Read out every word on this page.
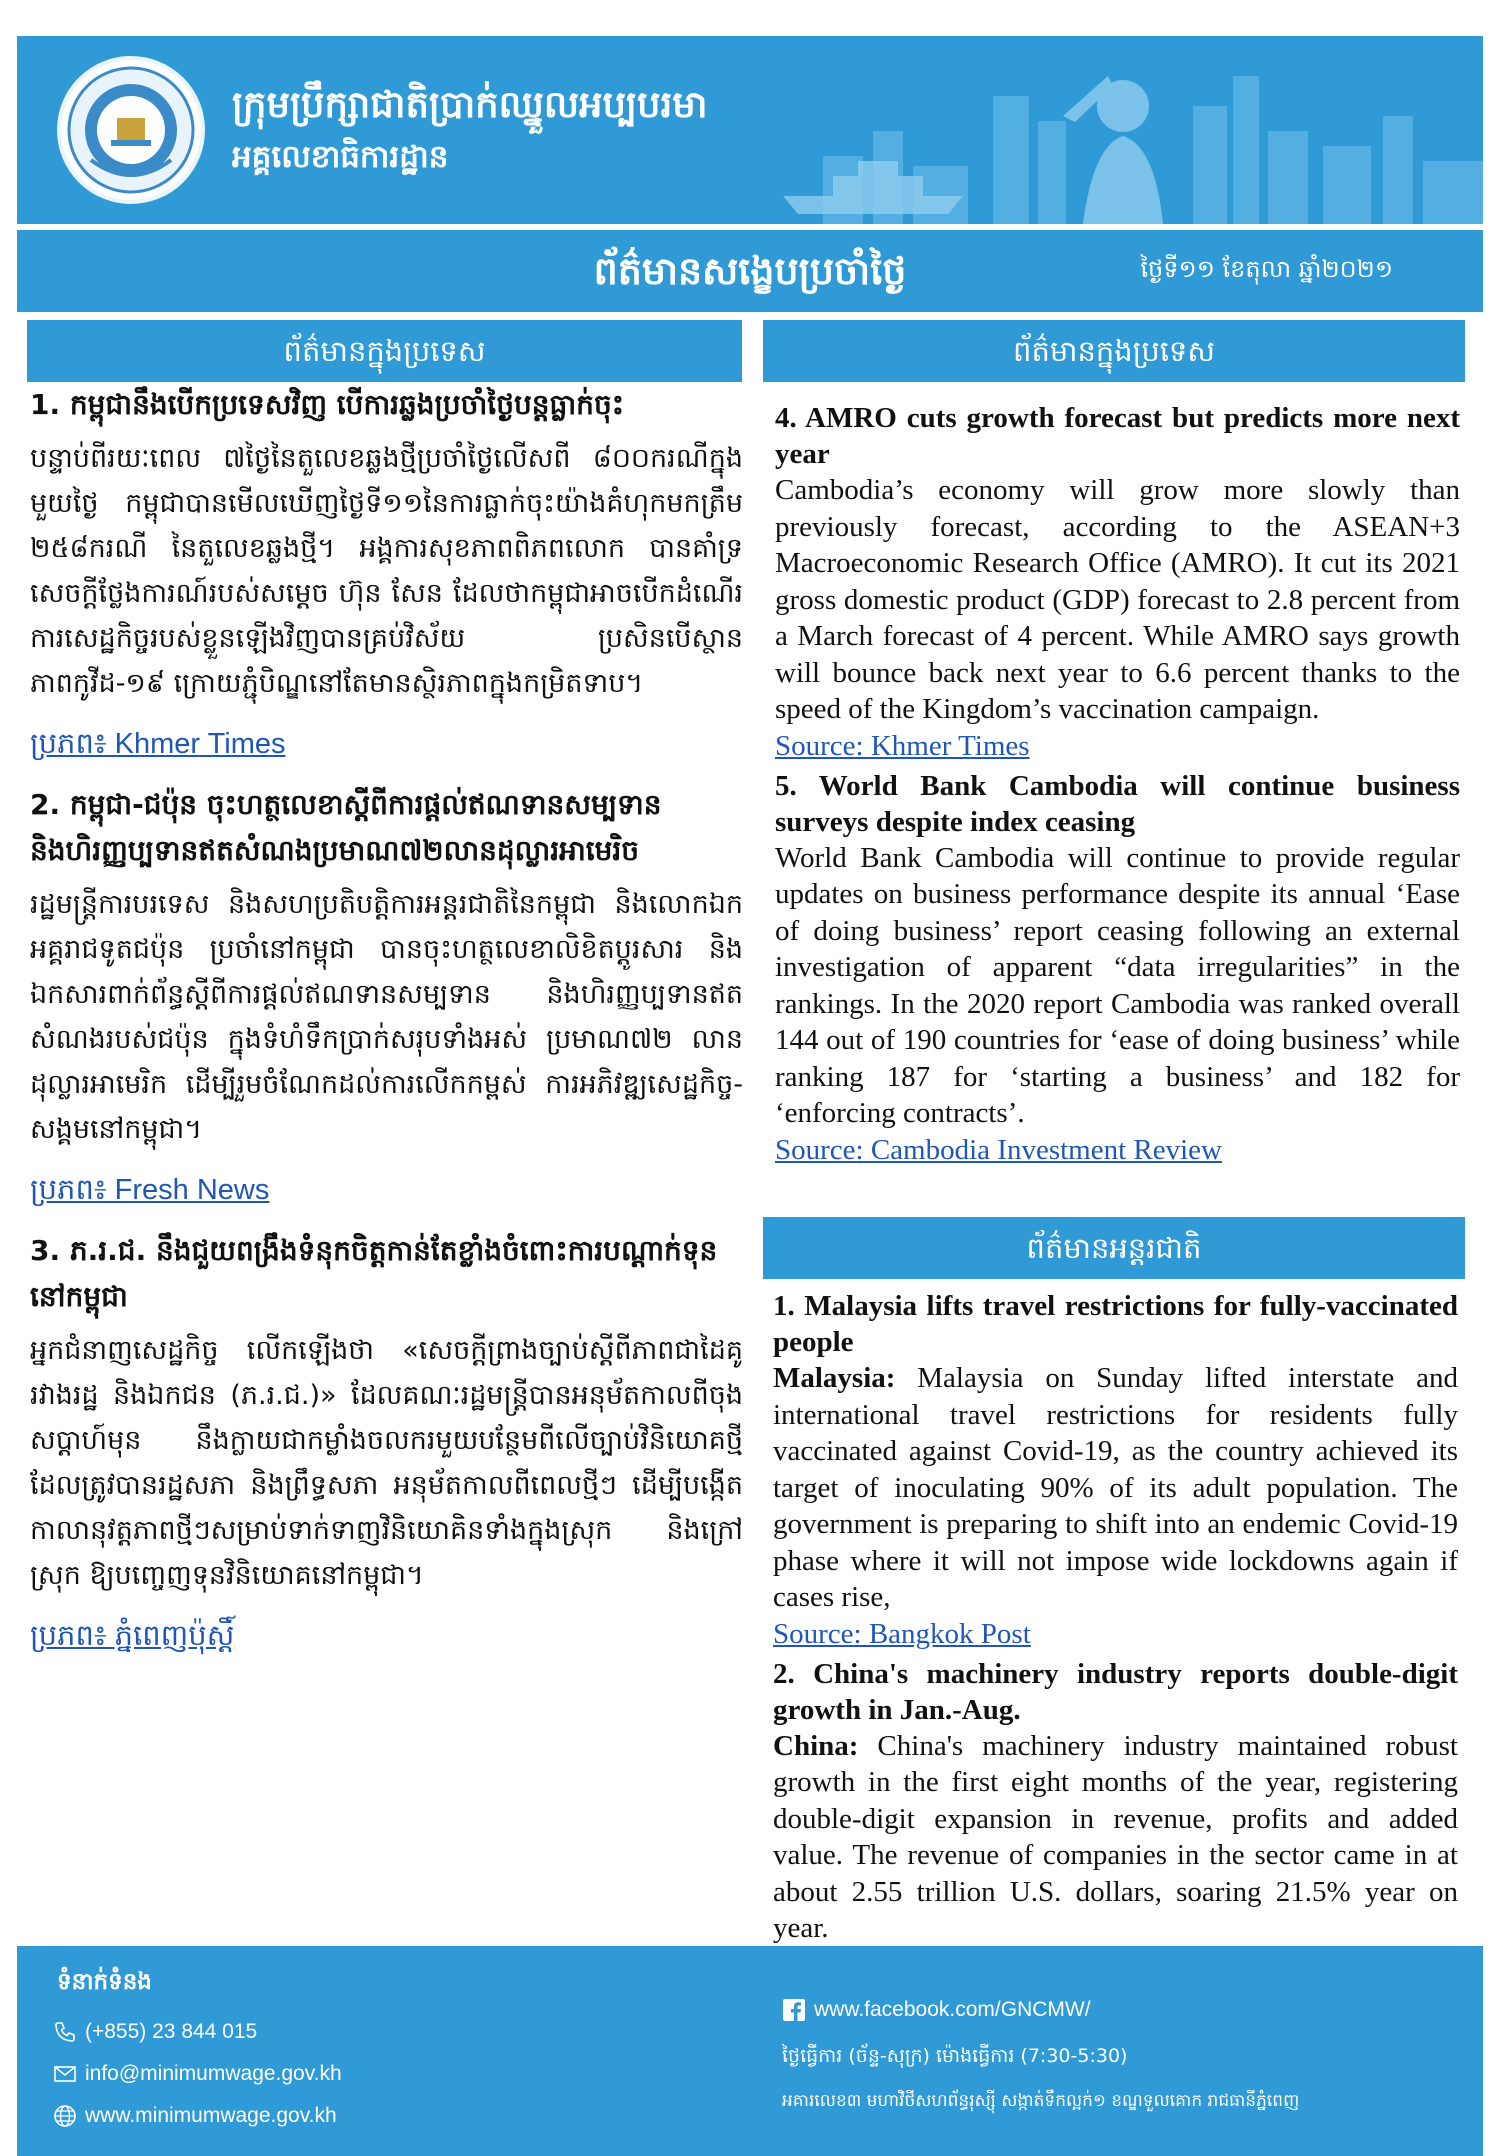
ក្រុមប្រឹក្សាជាតិប្រាក់ឈ្នួលអប្បបរមា
អគ្គលេខាធិការដ្ឋាន
ព័ត៌មានសង្ខេបប្រចាំថ្ងៃ	ថ្ងៃទី១១ ខែតុលា ឆ្នាំ២០២១
ព័ត៌មានក្នុងប្រទេស	ព័ត៌មានក្នុងប្រទេស
ព័ត៌មានអន្តរជាតិ
1. កម្ពុជានឹងបើកប្រទេសវិញ បើការឆ្លងប្រចាំថ្ងៃបន្តធ្លាក់ចុះ

បន្ទាប់ពីរយៈពេល ៧ថ្ងៃនៃតួលេខឆ្លងថ្មីប្រចាំថ្ងៃលើសពី ៨០០ករណីក្នុងមួយថ្ងៃ កម្ពុជាបានមើលឃើញថ្ងៃទី១១នៃការធ្លាក់ចុះយ៉ាងគំហុកមកត្រឹម ២៥៨ករណី នៃតួលេខឆ្លងថ្មី។ អង្គការសុខភាពពិភពលោក បានគាំទ្រសេចក្តីថ្លែងការណ៍របស់សម្តេច ហ៊ុន សែន ដែលថាកម្ពុជាអាចបើកដំណើរការសេដ្ឋកិច្ចរបស់ខ្លួនឡើងវិញបានគ្រប់វិស័យ ប្រសិនបើស្ថានភាពកូវីដ-១៩ ក្រោយភ្ជុំបិណ្ឌនៅតែមានស្ថិរភាពក្នុងកម្រិតទាប។

ប្រភព៖ Khmer Times
2. កម្ពុជា-ជប៉ុន ចុះហត្ថលេខាស្តីពីការផ្តល់ឥណទានសម្បទាន និងហិរញ្ញប្បទានឥតសំណងប្រមាណ៧២លានដុល្លារអាមេរិច

រដ្ឋមន្ត្រីការបរទេស និងសហប្រតិបត្តិការអន្តរជាតិនៃកម្ពុជា និងលោកឯកអគ្គរាជទូតជប៉ុន ប្រចាំនៅកម្ពុជា បានចុះហត្ថលេខាលិខិតប្តូរសារ និងឯកសារពាក់ព័ន្ធស្តីពីការផ្តល់ឥណទានសម្បទាន និងហិរញ្ញប្បទានឥតសំណងរបស់ជប៉ុន ក្នុងទំហំទឹកប្រាក់សរុបទាំងអស់ ប្រមាណ៧២ លានដុល្លារអាមេរិក ដើម្បីរួមចំណែកដល់ការលើកកម្ពស់ ការអភិវឌ្ឍសេដ្ឋកិច្ច-សង្គមនៅកម្ពុជា។

ប្រភព៖ Fresh News
3. ភ.រ.ជ. នឹងជួយពង្រឹងទំនុកចិត្តកាន់តែខ្លាំងចំពោះការបណ្តាក់ទុននៅកម្ពុជា

អ្នកជំនាញសេដ្ឋកិច្ច លើកឡើងថា «សេចក្តីព្រាងច្បាប់ស្តីពីភាពជាដៃគូរវាងរដ្ឋ និងឯកជន (ភ.រ.ជ.)» ដែលគណៈរដ្ឋមន្ត្រីបានអនុម័តកាលពីចុងសប្តាហ៍មុន នឹងក្លាយជាកម្លាំងចលករមួយបន្ថែមពីលើច្បាប់វិនិយោគថ្មី ដែលត្រូវបានរដ្ឋសភា និងព្រឹទ្ធសភា អនុម័តកាលពីពេលថ្មីៗ ដើម្បីបង្កើតកាលានុវត្តភាពថ្មីៗសម្រាប់ទាក់ទាញវិនិយោគិនទាំងក្នុងស្រុក និងក្រៅស្រុក ឱ្យបញ្ចេញទុនវិនិយោគនៅកម្ពុជា។

ប្រភព៖ ភ្នំពេញប៉ុស្តិ៍
4. AMRO cuts growth forecast but predicts more next year

Cambodia’s economy will grow more slowly than previously forecast, according to the ASEAN+3 Macroeconomic Research Office (AMRO). It cut its 2021 gross domestic product (GDP) forecast to 2.8 percent from a March forecast of 4 percent. While AMRO says growth will bounce back next year to 6.6 percent thanks to the speed of the Kingdom’s vaccination campaign.

Source: Khmer Times
5. World Bank Cambodia will continue business surveys despite index ceasing

World Bank Cambodia will continue to provide regular updates on business performance despite its annual ‘Ease of doing business’ report ceasing following an external investigation of apparent “data irregularities” in the rankings. In the 2020 report Cambodia was ranked overall 144 out of 190 countries for ‘ease of doing business’ while ranking 187 for ‘starting a business’ and 182 for ‘enforcing contracts’.

Source: Cambodia Investment Review
1. Malaysia lifts travel restrictions for fully-vaccinated people

Malaysia: Malaysia on Sunday lifted interstate and international travel restrictions for residents fully vaccinated against Covid-19, as the country achieved its target of inoculating 90% of its adult population. The government is preparing to shift into an endemic Covid-19 phase where it will not impose wide lockdowns again if cases rise,

Source: Bangkok Post
2. China's machinery industry reports double-digit growth in Jan.-Aug.

China: China's machinery industry maintained robust growth in the first eight months of the year, registering double-digit expansion in revenue, profits and added value. The revenue of companies in the sector came in at about 2.55 trillion U.S. dollars, soaring 21.5% year on year.

ទំនាក់ទំនង
(+855) 23 844 015
info@minimumwage.gov.kh
www.minimumwage.gov.kh
www.facebook.com/GNCMW/
ថ្ងៃធ្វើការ (ច័ន្ទ-សុក្រ) ម៉ោងធ្វើការ (7:30-5:30)
អគារលេខ៣ មហាវិថីសហព័ន្ធរុស្ស៊ី សង្កាត់ទឹកល្អក់១ ខណ្ឌទួលគោក រាជធានីភ្នំពេញ
